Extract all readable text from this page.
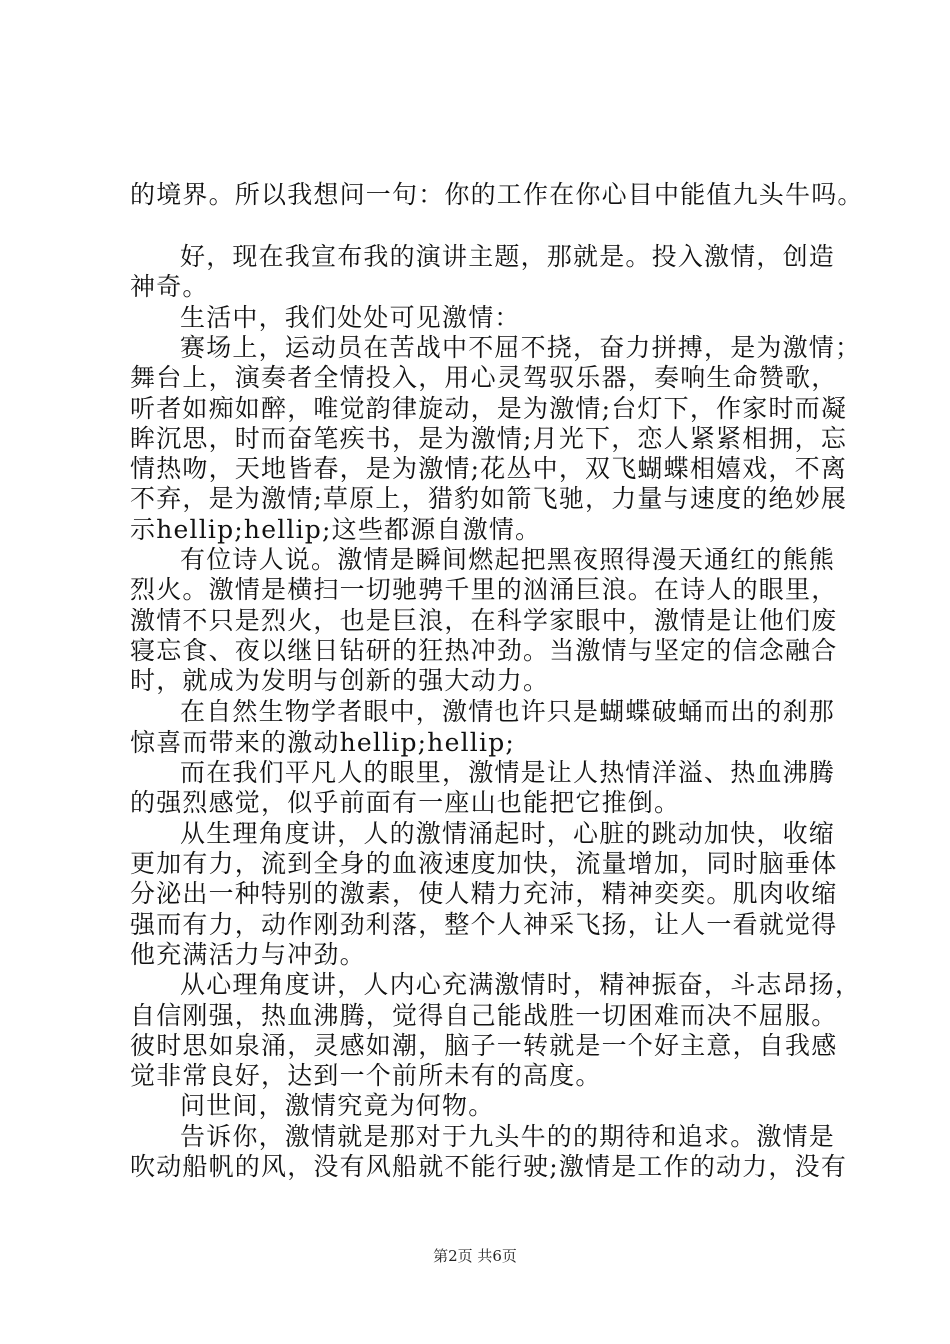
的境界。所以我想问一句：你的工作在你心目中能值九头牛吗。
好，现在我宣布我的演讲主题，那就是。投入激情，创造
神奇。
生活中，我们处处可见激情：
赛场上，运动员在苦战中不屈不挠，奋力拼搏，是为激情；
舞台上，演奏者全情投入，用心灵驾驭乐器，奏响生命赞歌，
听者如痴如醉，唯觉韵律旋动，是为激情;台灯下，作家时而凝
眸沉思，时而奋笔疾书，是为激情;月光下，恋人紧紧相拥，忘
情热吻，天地皆春，是为激情;花丛中，双飞蝴蝶相嬉戏，不离
不弃，是为激情;草原上，猎豹如箭飞驰，力量与速度的绝妙展
示hellip;hellip;这些都源自激情。
有位诗人说。激情是瞬间燃起把黑夜照得漫天通红的熊熊
烈火。激情是横扫一切驰骋千里的汹涌巨浪。在诗人的眼里，
激情不只是烈火，也是巨浪，在科学家眼中，激情是让他们废
寝忘食、夜以继日钻研的狂热冲劲。当激情与坚定的信念融合
时，就成为发明与创新的强大动力。
在自然生物学者眼中，激情也许只是蝴蝶破蛹而出的刹那
惊喜而带来的激动hellip;hellip;
而在我们平凡人的眼里，激情是让人热情洋溢、热血沸腾
的强烈感觉，似乎前面有一座山也能把它推倒。
从生理角度讲，人的激情涌起时，心脏的跳动加快，收缩
更加有力，流到全身的血液速度加快，流量增加，同时脑垂体
分泌出一种特别的激素，使人精力充沛，精神奕奕。肌肉收缩
强而有力，动作刚劲利落，整个人神采飞扬，让人一看就觉得
他充满活力与冲劲。
从心理角度讲，人内心充满激情时，精神振奋，斗志昂扬，
自信刚强，热血沸腾，觉得自己能战胜一切困难而决不屈服。
彼时思如泉涌，灵感如潮，脑子一转就是一个好主意，自我感
觉非常良好，达到一个前所未有的高度。
问世间，激情究竟为何物。
告诉你，激情就是那对于九头牛的的期待和追求。激情是
吹动船帆的风，没有风船就不能行驶;激情是工作的动力，没有
第2页 共6页
